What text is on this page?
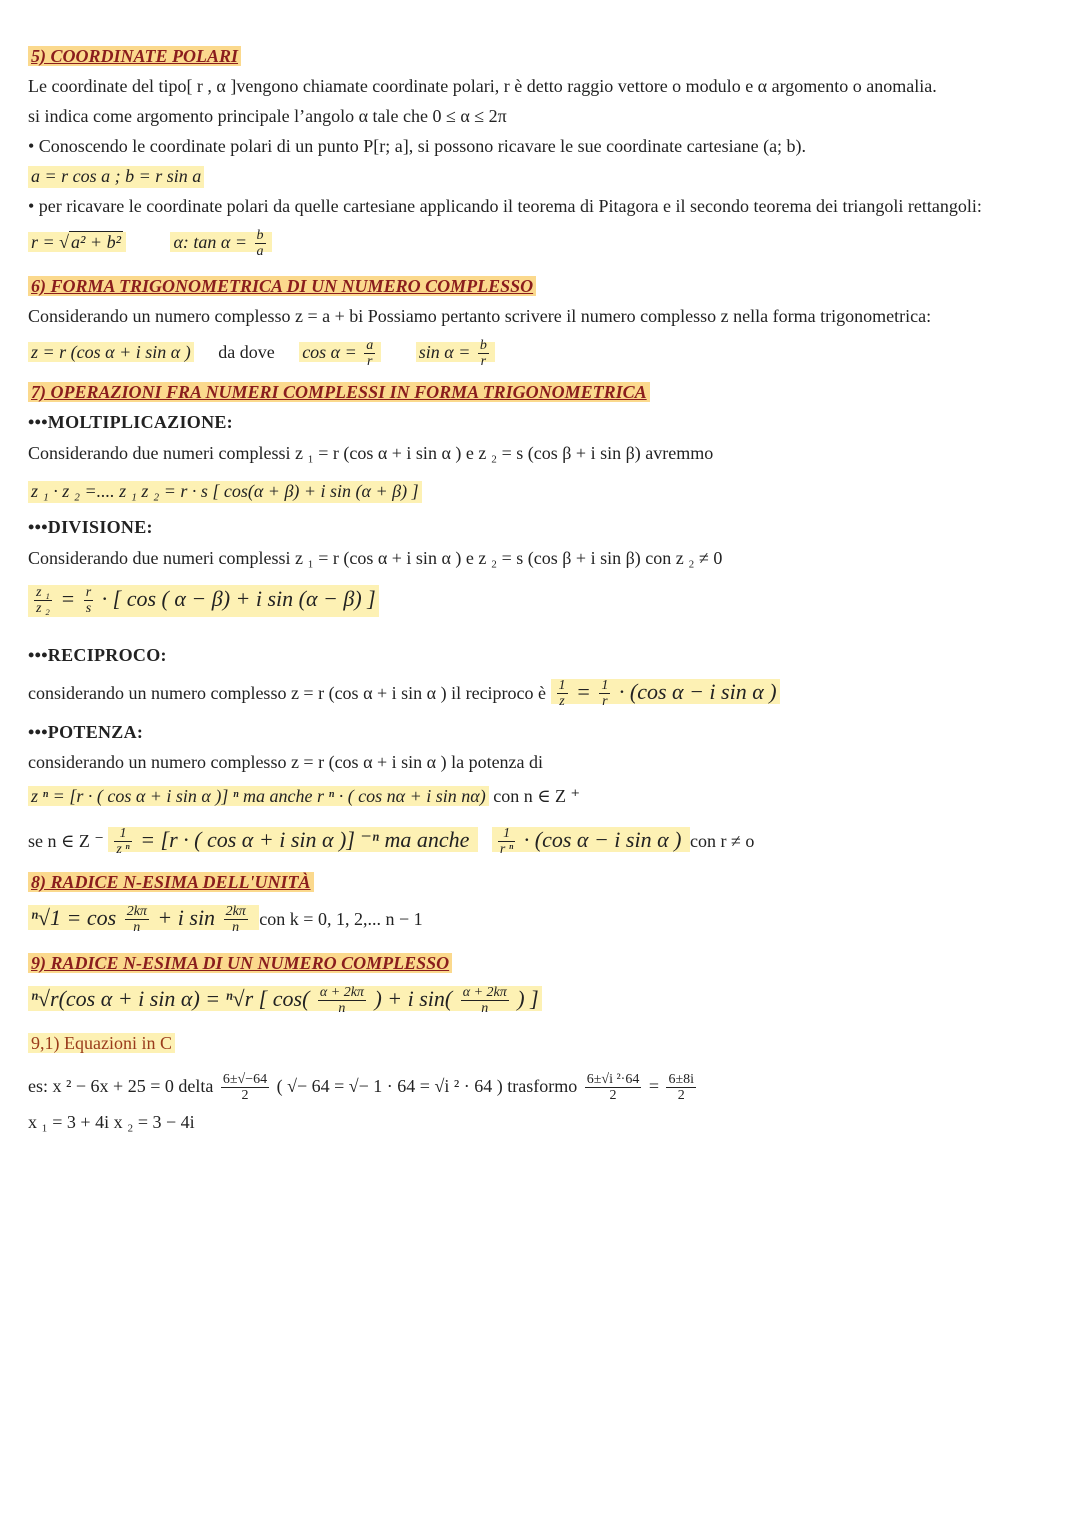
5) COORDINATE POLARI
Le coordinate del tipo[ r , α ]vengono chiamate coordinate polari, r è detto raggio vettore o modulo e α argomento o anomalia.
si indica come argomento principale l’angolo α tale che 0 ≤ α ≤ 2π
• Conoscendo le coordinate polari di un punto P[r; a], si possono ricavare le sue coordinate cartesiane (a; b).
a = r cos a ; b = r sin a
• per ricavare le coordinate polari da quelle cartesiane applicando il teorema di Pitagora e il secondo teorema dei triangoli rettangoli:
r = √ a² + b²	α: $\tan \alpha = \frac{b}{a}$
6) FORMA TRIGONOMETRICA DI UN NUMERO COMPLESSO
Considerando un numero complesso z = a + bi Possiamo pertanto scrivere il numero complesso z nella forma trigonometrica:
z = r (cos α + i sin α ) da dove $\cos \alpha = \frac{a}{r}$ $\sin \alpha = \frac{b}{r}$
7) OPERAZIONI FRA NUMERI COMPLESSI IN FORMA TRIGONOMETRICA
•••MOLTIPLICAZIONE:
Considerando due numeri complessi z ₁ = r (cos α + i sin α ) e z ₂ = s (cos β + i sin β) avremmo
z ₁ · z ₂ =.... z ₁ z ₂ = r · s [ cos(α + β) + i sin (α + β) ]
•••DIVISIONE:
Considerando due numeri complessi z ₁ = r (cos α + i sin α ) e z ₂ = s (cos β + i sin β) con z ₂ ≠ 0
$\frac{\text{z ₁}}{\text{z ₂}} = \frac{r}{s}$ · [ cos ( α − β) + i sin (α − β) ]
•••RECIPROCO:
considerando un numero complesso z = r (cos α + i sin α ) il reciproco è $\frac{1}{z} = \frac{1}{r} \cdot (\cos$ α − i sin α )
•••POTENZA:
considerando un numero complesso z = r (cos α + i sin α ) la potenza di
z ⁿ = [r · ( cos α + i sin α )] ⁿ ma anche r ⁿ · ( cos nα + i sin nα) con n ∈ Z ⁺
se n ∈ Z ⁻ $\frac{1}{\text{z ⁿ}} = [r$ · ( cos α + i sin α )] ⁻ⁿ ma anche $\frac{1}{\text{r ⁿ}} \cdot (\cos$ α − i sin α ) con r ≠ o
8) RADICE N-ESIMA DELL'UNITÀ
$^n√1 = \cos \frac{2k\pi}{n} + i$ $\sin \frac{2k\pi}{n}$ con k = 0, 1, 2,... n − 1
9) RADICE N-ESIMA DI UN NUMERO COMPLESSO
ⁿ√r(cos α + i sin α) = ⁿ√r [ $\cos( \frac{\alpha + 2k\pi}{n}$ ) + i $\sin( \frac{\alpha + 2k\pi}{n}$ ) ]
9,1) Equazioni in C
es: x ² − 6x + 25 = 0 delta $\frac{6\pm√-64}{2}$ ( √− 64 = √− 1 · 64 = √i ² · 64 ) trasformo $\frac{\text{6±√i ²·64}}{2} = \frac{6\pm 8i}{2}$
x ₁ = 3 + 4i x ₂ = 3 − 4i
